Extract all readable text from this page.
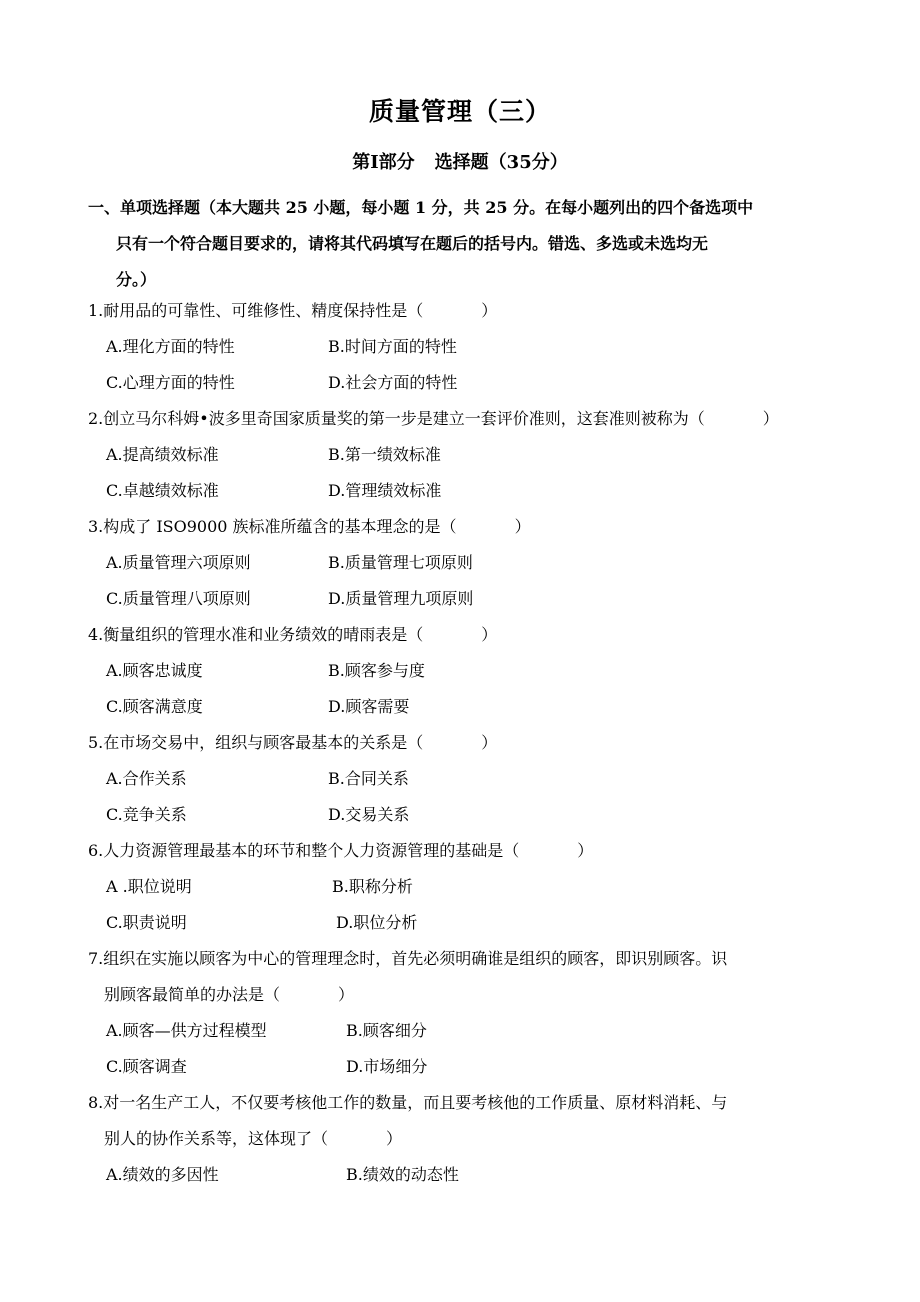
质量管理（三）
第Ⅰ部分 选择题（35分）
一、单项选择题（本大题共 25 小题，每小题 1 分，共 25 分。在每小题列出的四个备选项中
只有一个符合题目要求的，请将其代码填写在题后的括号内。错选、多选或未选均无
分。）
1.耐用品的可靠性、可维修性、精度保持性是（	）
A.理化方面的特性	B.时间方面的特性
C.心理方面的特性	D.社会方面的特性
2.创立马尔科姆•波多里奇国家质量奖的第一步是建立一套评价准则，这套准则被称为（	）
A.提高绩效标准	B.第一绩效标准
C.卓越绩效标准	D.管理绩效标准
3.构成了 ISO9000 族标准所蕴含的基本理念的是（	）
A.质量管理六项原则	B.质量管理七项原则
C.质量管理八项原则	D.质量管理九项原则
4.衡量组织的管理水准和业务绩效的晴雨表是（	）
A.顾客忠诚度	B.顾客参与度
C.顾客满意度	D.顾客需要
5.在市场交易中，组织与顾客最基本的关系是（	）
A.合作关系	B.合同关系
C.竞争关系	D.交易关系
6.人力资源管理最基本的环节和整个人力资源管理的基础是（	）
A .职位说明	B.职称分析
C.职责说明	D.职位分析
7.组织在实施以顾客为中心的管理理念时，首先必须明确谁是组织的顾客，即识别顾客。识
别顾客最简单的办法是（	）
A.顾客—供方过程模型	B.顾客细分
C.顾客调查	D.市场细分
8.对一名生产工人，不仅要考核他工作的数量，而且要考核他的工作质量、原材料消耗、与
别人的协作关系等，这体现了（	）
A.绩效的多因性	B.绩效的动态性
